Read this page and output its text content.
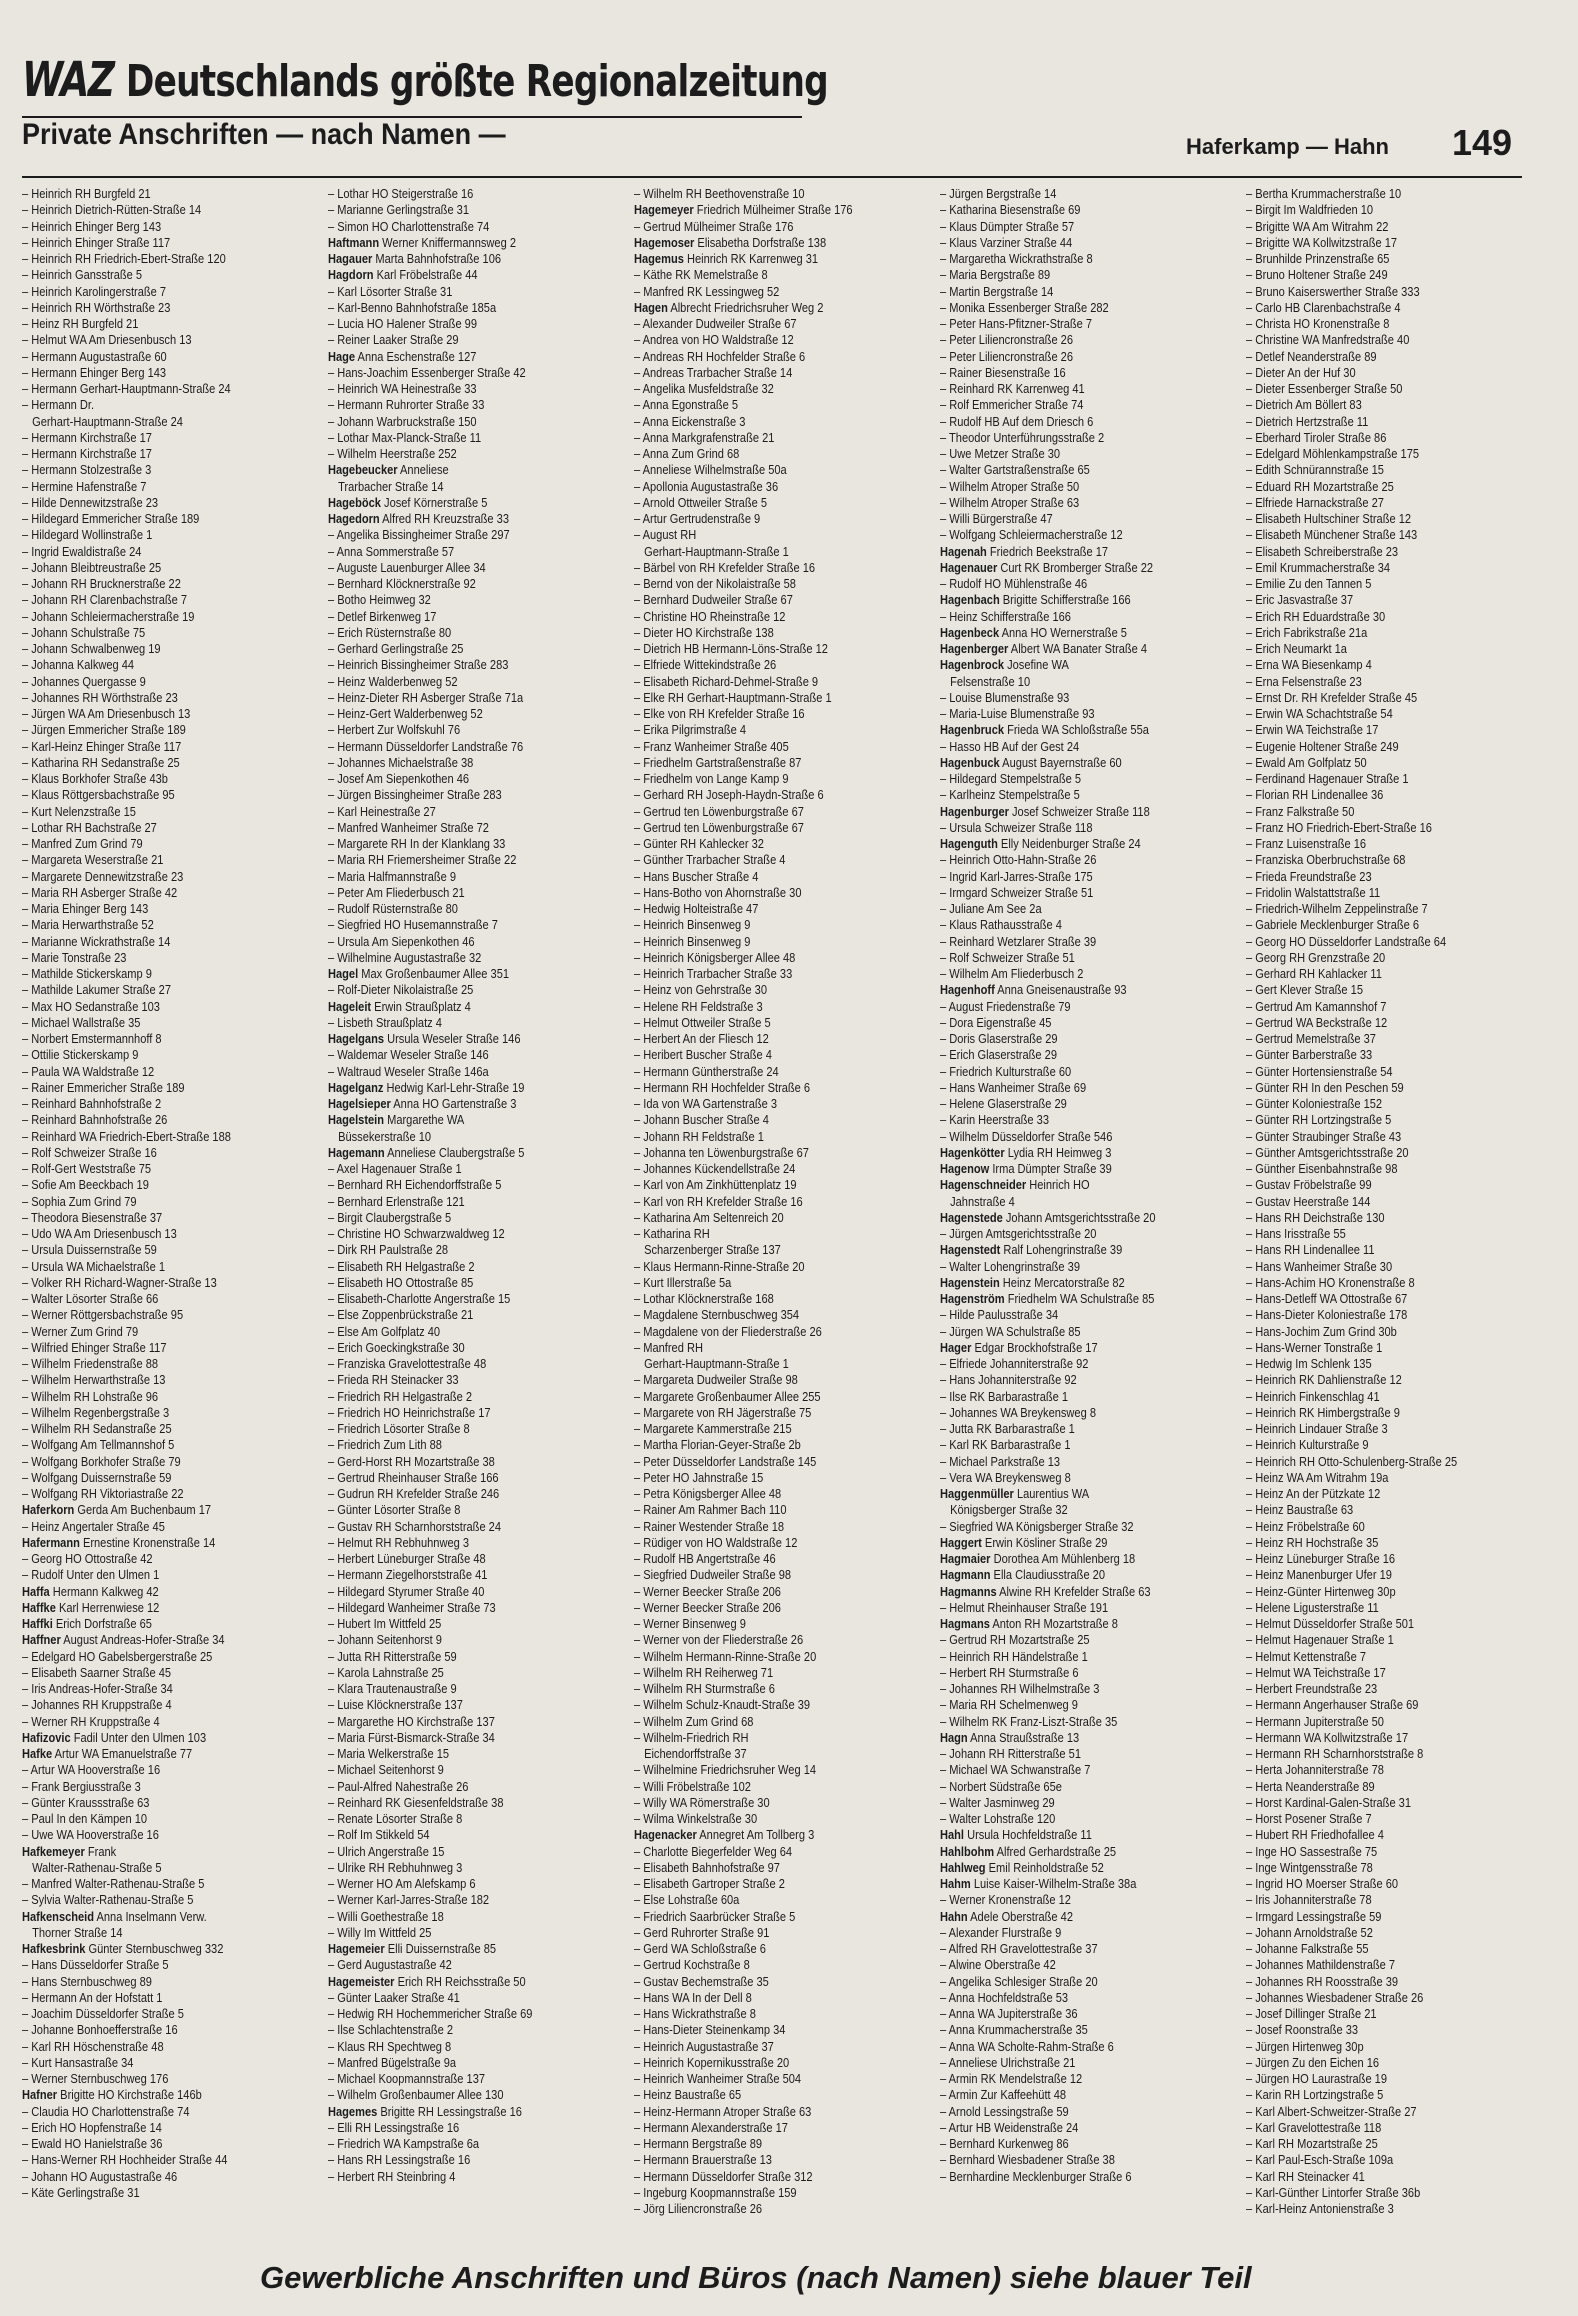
WAZ Deutschlands größte Regionalzeitung
Private Anschriften — nach Namen —	Haferkamp — Hahn 149
– Heinrich RH Burgfeld 21
– Heinrich Dietrich-Rütten-Straße 14
– Heinrich Ehinger Berg 143
– Heinrich Ehinger Straße 117
– Heinrich RH Friedrich-Ebert-Straße 120
– Heinrich Gansstraße 5
– Heinrich Karolingerstraße 7
– Heinrich RH Wörthstraße 23
– Heinz RH Burgfeld 21
– Helmut WA Am Driesenbusch 13
– Hermann Augustastraße 60
– Hermann Ehinger Berg 143
– Hermann Gerhart-Hauptmann-Straße 24
– Hermann Dr.
Gerhart-Hauptmann-Straße 24
– Hermann Kirchstraße 17
– Hermann Kirchstraße 17
– Hermann Stolzestraße 3
– Hermine Hafenstraße 7
– Hilde Dennewitzstraße 23
– Hildegard Emmericher Straße 189
– Hildegard Wollinstraße 1
– Ingrid Ewaldistraße 24
– Johann Bleibtreustraße 25
– Johann RH Brucknerstraße 22
– Johann RH Clarenbachstraße 7
– Johann Schleiermacherstraße 19
– Johann Schulstraße 75
– Johann Schwalbenweg 19
– Johanna Kalkweg 44
– Johannes Quergasse 9
– Johannes RH Wörthstraße 23
– Jürgen WA Am Driesenbusch 13
– Jürgen Emmericher Straße 189
– Karl-Heinz Ehinger Straße 117
– Katharina RH Sedanstraße 25
– Klaus Borkhofer Straße 43b
– Klaus Röttgersbachstraße 95
– Kurt Nelenzstraße 15
– Lothar RH Bachstraße 27
– Manfred Zum Grind 79
– Margareta Weserstraße 21
– Margarete Dennewitzstraße 23
– Maria RH Asberger Straße 42
– Maria Ehinger Berg 143
– Maria Herwarthstraße 52
– Marianne Wickrathstraße 14
– Marie Tonstraße 23
– Mathilde Stickerskamp 9
– Mathilde Lakumer Straße 27
– Max HO Sedanstraße 103
– Michael Wallstraße 35
– Norbert Emstermannhoff 8
– Ottilie Stickerskamp 9
– Paula WA Waldstraße 12
– Rainer Emmericher Straße 189
– Reinhard Bahnhofstraße 2
– Reinhard Bahnhofstraße 26
– Reinhard WA Friedrich-Ebert-Straße 188
– Rolf Schweizer Straße 16
– Rolf-Gert Weststraße 75
– Sofie Am Beeckbach 19
– Sophia Zum Grind 79
– Theodora Biesenstraße 37
– Udo WA Am Driesenbusch 13
– Ursula Duissernstraße 59
– Ursula WA Michaelstraße 1
– Volker RH Richard-Wagner-Straße 13
– Walter Lösorter Straße 66
– Werner Röttgersbachstraße 95
– Werner Zum Grind 79
– Wilfried Ehinger Straße 117
– Wilhelm Friedenstraße 88
– Wilhelm Herwarthstraße 13
– Wilhelm RH Lohstraße 96
– Wilhelm Regenbergstraße 3
– Wilhelm RH Sedanstraße 25
– Wolfgang Am Tellmannshof 5
– Wolfgang Borkhofer Straße 79
– Wolfgang Duissernstraße 59
– Wolfgang RH Viktoriastraße 22
Haferkorn Gerda Am Buchenbaum 17
– Heinz Angertaler Straße 45
Hafermann Ernestine Kronenstraße 14
– Georg HO Ottostraße 42
– Rudolf Unter den Ulmen 1
Haffa Hermann Kalkweg 42
Haffke Karl Herrenwiese 12
Haffki Erich Dorfstraße 65
Haffner August Andreas-Hofer-Straße 34
– Edelgard HO Gabelsbergerstraße 25
– Elisabeth Saarner Straße 45
– Iris Andreas-Hofer-Straße 34
– Johannes RH Kruppstraße 4
– Werner RH Kruppstraße 4
Hafizovic Fadil Unter den Ulmen 103
Hafke Artur WA Emanuelstraße 77
– Artur WA Hooverstraße 16
– Frank Bergiusstraße 3
– Günter Kraussstraße 63
– Paul In den Kämpen 10
– Uwe WA Hooverstraße 16
Hafkemeyer Frank
Walter-Rathenau-Straße 5
– Manfred Walter-Rathenau-Straße 5
– Sylvia Walter-Rathenau-Straße 5
Hafkenscheid Anna Inselmann Verw.
Thorner Straße 14
Hafkesbrink Günter Sternbuschweg 332
– Hans Düsseldorfer Straße 5
– Hans Sternbuschweg 89
– Hermann An der Hofstatt 1
– Joachim Düsseldorfer Straße 5
– Johanne Bonhoefferstraße 16
– Karl RH Höschenstraße 48
– Kurt Hansastraße 34
– Werner Sternbuschweg 176
Hafner Brigitte HO Kirchstraße 146b
– Claudia HO Charlottenstraße 74
– Erich HO Hopfenstraße 14
– Ewald HO Hanielstraße 36
– Hans-Werner RH Hochheider Straße 44
– Johann HO Augustastraße 46
– Käte Gerlingstraße 31
– Lothar HO Steigerstraße 16
– Marianne Gerlingstraße 31
– Simon HO Charlottenstraße 74
Haftmann Werner Kniffermannsweg 2
Hagauer Marta Bahnhofstraße 106
Hagdorn Karl Fröbelstraße 44
– Karl Lösorter Straße 31
– Karl-Benno Bahnhofstraße 185a
– Lucia HO Halener Straße 99
– Reiner Laaker Straße 29
Hage Anna Eschenstraße 127
– Hans-Joachim Essenberger Straße 42
– Heinrich WA Heinestraße 33
– Hermann Ruhrorter Straße 33
– Johann Warbruckstraße 150
– Lothar Max-Planck-Straße 11
– Wilhelm Heerstraße 252
Hagebeucker Anneliese
Trarbacher Straße 14
Hageböck Josef Körnerstraße 5
Hagedorn Alfred RH Kreuzstraße 33
– Angelika Bissingheimer Straße 297
– Anna Sommerstraße 57
– Auguste Lauenburger Allee 34
– Bernhard Klöcknerstraße 92
– Botho Heimweg 32
– Detlef Birkenweg 17
– Erich Rüsternstraße 80
– Gerhard Gerlingstraße 25
– Heinrich Bissingheimer Straße 283
– Heinz Walderbenweg 52
– Heinz-Dieter RH Asberger Straße 71a
– Heinz-Gert Walderbenweg 52
– Herbert Zur Wolfskuhl 76
– Hermann Düsseldorfer Landstraße 76
– Johannes Michaelstraße 38
– Josef Am Siepenkothen 46
– Jürgen Bissingheimer Straße 283
– Karl Heinestraße 27
– Manfred Wanheimer Straße 72
– Margarete RH In der Klanklang 33
– Maria RH Friemersheimer Straße 22
– Maria Halfmannstraße 9
– Peter Am Fliederbusch 21
– Rudolf Rüsternstraße 80
– Siegfried HO Husemannstraße 7
– Ursula Am Siepenkothen 46
– Wilhelmine Augustastraße 32
Hagel Max Großenbaumer Allee 351
– Rolf-Dieter Nikolaistraße 25
Hageleit Erwin Straußplatz 4
– Lisbeth Straußplatz 4
Hagelgans Ursula Weseler Straße 146
– Waldemar Weseler Straße 146
– Waltraud Weseler Straße 146a
Hagelganz Hedwig Karl-Lehr-Straße 19
Hagelsieper Anna HO Gartenstraße 3
Hagelstein Margarethe WA
Büssekerstraße 10
Hagemann Anneliese Claubergstraße 5
– Axel Hagenauer Straße 1
– Bernhard RH Eichendorffstraße 5
– Bernhard Erlenstraße 121
– Birgit Claubergstraße 5
– Christine HO Schwarzwaldweg 12
– Dirk RH Paulstraße 28
– Elisabeth RH Helgastraße 2
– Elisabeth HO Ottostraße 85
– Elisabeth-Charlotte Angerstraße 15
– Else Zoppenbrückstraße 21
– Else Am Golfplatz 40
– Erich Goeckingkstraße 30
– Franziska Gravelottestraße 48
– Frieda RH Steinacker 33
– Friedrich RH Helgastraße 2
– Friedrich HO Heinrichstraße 17
– Friedrich Lösorter Straße 8
– Friedrich Zum Lith 88
– Gerd-Horst RH Mozartstraße 38
– Gertrud Rheinhauser Straße 166
– Gudrun RH Krefelder Straße 246
– Günter Lösorter Straße 8
– Gustav RH Scharnhorststraße 24
– Helmut RH Rebhuhnweg 3
– Herbert Lüneburger Straße 48
– Hermann Ziegelhorststraße 41
– Hildegard Styrumer Straße 40
– Hildegard Wanheimer Straße 73
– Hubert Im Wittfeld 25
– Johann Seitenhorst 9
– Jutta RH Ritterstraße 59
– Karola Lahnstraße 25
– Klara Trautenaustraße 9
– Luise Klöcknerstraße 137
– Margarethe HO Kirchstraße 137
– Maria Fürst-Bismarck-Straße 34
– Maria Welkerstraße 15
– Michael Seitenhorst 9
– Paul-Alfred Nahestraße 26
– Reinhard RK Giesenfeldstraße 38
– Renate Lösorter Straße 8
– Rolf Im Stikkeld 54
– Ulrich Angerstraße 15
– Ulrike RH Rebhuhnweg 3
– Werner HO Am Alefskamp 6
– Werner Karl-Jarres-Straße 182
– Willi Goethestraße 18
– Willy Im Wittfeld 25
Hagemeier Elli Duissernstraße 85
– Gerd Augustastraße 42
Hagemeister Erich RH Reichsstraße 50
– Günter Laaker Straße 41
– Hedwig RH Hochemmericher Straße 69
– Ilse Schlachtenstraße 2
– Klaus RH Spechtweg 8
– Manfred Bügelstraße 9a
– Michael Koopmannstraße 137
– Wilhelm Großenbaumer Allee 130
Hagemes Brigitte RH Lessingstraße 16
– Elli RH Lessingstraße 16
– Friedrich WA Kampstraße 6a
– Hans RH Lessingstraße 16
– Herbert RH Steinbring 4
– Wilhelm RH Beethovenstraße 10
Hagemeyer Friedrich Mülheimer Straße 176
– Gertrud Mülheimer Straße 176
Hagemoser Elisabetha Dorfstraße 138
Hagemus Heinrich RK Karrenweg 31
– Käthe RK Memelstraße 8
– Manfred RK Lessingweg 52
Hagen Albrecht Friedrichsruher Weg 2
– Alexander Dudweiler Straße 67
– Andrea von HO Waldstraße 12
– Andreas RH Hochfelder Straße 6
– Andreas Trarbacher Straße 14
– Angelika Musfeldstraße 32
– Anna Egonstraße 5
– Anna Eickenstraße 3
– Anna Markgrafenstraße 21
– Anna Zum Grind 68
– Anneliese Wilhelmstraße 50a
– Apollonia Augustastraße 36
– Arnold Ottweiler Straße 5
– Artur Gertrudenstraße 9
– August RH
Gerhart-Hauptmann-Straße 1
– Bärbel von RH Krefelder Straße 16
– Bernd von der Nikolaistraße 58
– Bernhard Dudweiler Straße 67
– Christine HO Rheinstraße 12
– Dieter HO Kirchstraße 138
– Dietrich HB Hermann-Löns-Straße 12
– Elfriede Wittekindstraße 26
– Elisabeth Richard-Dehmel-Straße 9
– Elke RH Gerhart-Hauptmann-Straße 1
– Elke von RH Krefelder Straße 16
– Erika Pilgrimstraße 4
– Franz Wanheimer Straße 405
– Friedhelm Gartstraßenstraße 87
– Friedhelm von Lange Kamp 9
– Gerhard RH Joseph-Haydn-Straße 6
– Gertrud ten Löwenburgstraße 67
– Gertrud ten Löwenburgstraße 67
– Günter RH Kahlecker 32
– Günther Trarbacher Straße 4
– Hans Buscher Straße 4
– Hans-Botho von Ahornstraße 30
– Hedwig Holteistraße 47
– Heinrich Binsenweg 9
– Heinrich Binsenweg 9
– Heinrich Königsberger Allee 48
– Heinrich Trarbacher Straße 33
– Heinz von Gehrstraße 30
– Helene RH Feldstraße 3
– Helmut Ottweiler Straße 5
– Herbert An der Fliesch 12
– Heribert Buscher Straße 4
– Hermann Güntherstraße 24
– Hermann RH Hochfelder Straße 6
– Ida von WA Gartenstraße 3
– Johann Buscher Straße 4
– Johann RH Feldstraße 1
– Johanna ten Löwenburgstraße 67
– Johannes Kückendellstraße 24
– Karl von Am Zinkhüttenplatz 19
– Karl von RH Krefelder Straße 16
– Katharina Am Seltenreich 20
– Katharina RH
Scharzenberger Straße 137
– Klaus Hermann-Rinne-Straße 20
– Kurt Illerstraße 5a
– Lothar Klöcknerstraße 168
– Magdalene Sternbuschweg 354
– Magdalene von der Fliederstraße 26
– Manfred RH
Gerhart-Hauptmann-Straße 1
– Margareta Dudweiler Straße 98
– Margarete Großenbaumer Allee 255
– Margarete von RH Jägerstraße 75
– Margarete Kammerstraße 215
– Martha Florian-Geyer-Straße 2b
– Peter Düsseldorfer Landstraße 145
– Peter HO Jahnstraße 15
– Petra Königsberger Allee 48
– Rainer Am Rahmer Bach 110
– Rainer Westender Straße 18
– Rüdiger von HO Waldstraße 12
– Rudolf HB Angertstraße 46
– Siegfried Dudweiler Straße 98
– Werner Beecker Straße 206
– Werner Beecker Straße 206
– Werner Binsenweg 9
– Werner von der Fliederstraße 26
– Wilhelm Hermann-Rinne-Straße 20
– Wilhelm RH Reiherweg 71
– Wilhelm RH Sturmstraße 6
– Wilhelm Schulz-Knaudt-Straße 39
– Wilhelm Zum Grind 68
– Wilhelm-Friedrich RH
Eichendorffstraße 37
– Wilhelmine Friedrichsruher Weg 14
– Willi Fröbelstraße 102
– Willy WA Römerstraße 30
– Wilma Winkelstraße 30
Hagenacker Annegret Am Tollberg 3
– Charlotte Biegerfelder Weg 64
– Elisabeth Bahnhofstraße 97
– Elisabeth Gartroper Straße 2
– Else Lohstraße 60a
– Friedrich Saarbrücker Straße 5
– Gerd Ruhrorter Straße 91
– Gerd WA Schloßstraße 6
– Gertrud Kochstraße 8
– Gustav Bechemstraße 35
– Hans WA In der Dell 8
– Hans Wickrathstraße 8
– Hans-Dieter Steinenkamp 34
– Heinrich Augustastraße 37
– Heinrich Kopernikusstraße 20
– Heinrich Wanheimer Straße 504
– Heinz Baustraße 65
– Heinz-Hermann Atroper Straße 63
– Hermann Alexanderstraße 17
– Hermann Bergstraße 89
– Hermann Brauerstraße 13
– Hermann Düsseldorfer Straße 312
– Ingeburg Koopmannstraße 159
– Jörg Liliencronstraße 26
– Jürgen Bergstraße 14
– Katharina Biesenstraße 69
– Klaus Dümpter Straße 57
– Klaus Varziner Straße 44
– Margaretha Wickrathstraße 8
– Maria Bergstraße 89
– Martin Bergstraße 14
– Monika Essenberger Straße 282
– Peter Hans-Pfitzner-Straße 7
– Peter Liliencronstraße 26
– Peter Liliencronstraße 26
– Rainer Biesenstraße 16
– Reinhard RK Karrenweg 41
– Rolf Emmericher Straße 74
– Rudolf HB Auf dem Driesch 6
– Theodor Unterführungsstraße 2
– Uwe Metzer Straße 30
– Walter Gartstraßenstraße 65
– Wilhelm Atroper Straße 50
– Wilhelm Atroper Straße 63
– Willi Bürgerstraße 47
– Wolfgang Schleiermacherstraße 12
Hagenah Friedrich Beekstraße 17
Hagenauer Curt RK Bromberger Straße 22
– Rudolf HO Mühlenstraße 46
Hagenbach Brigitte Schifferstraße 166
– Heinz Schifferstraße 166
Hagenbeck Anna HO Wernerstraße 5
Hagenberger Albert WA Banater Straße 4
Hagenbrock Josefine WA
Felsenstraße 10
– Louise Blumenstraße 93
– Maria-Luise Blumenstraße 93
Hagenbruck Frieda WA Schloßstraße 55a
– Hasso HB Auf der Gest 24
Hagenbuck August Bayernstraße 60
– Hildegard Stempelstraße 5
– Karlheinz Stempelstraße 5
Hagenburger Josef Schweizer Straße 118
– Ursula Schweizer Straße 118
Hagenguth Elly Neidenburger Straße 24
– Heinrich Otto-Hahn-Straße 26
– Ingrid Karl-Jarres-Straße 175
– Irmgard Schweizer Straße 51
– Juliane Am See 2a
– Klaus Rathausstraße 4
– Reinhard Wetzlarer Straße 39
– Rolf Schweizer Straße 51
– Wilhelm Am Fliederbusch 2
Hagenhoff Anna Gneisenaustraße 93
– August Friedenstraße 79
– Dora Eigenstraße 45
– Doris Glaserstraße 29
– Erich Glaserstraße 29
– Friedrich Kulturstraße 60
– Hans Wanheimer Straße 69
– Helene Glaserstraße 29
– Karin Heerstraße 33
– Wilhelm Düsseldorfer Straße 546
Hagenkötter Lydia RH Heimweg 3
Hagenow Irma Dümpter Straße 39
Hagenschneider Heinrich HO
Jahnstraße 4
Hagenstede Johann Amtsgerichtsstraße 20
– Jürgen Amtsgerichtsstraße 20
Hagenstedt Ralf Lohengrinstraße 39
– Walter Lohengrinstraße 39
Hagenstein Heinz Mercatorstraße 82
Hagenström Friedhelm WA Schulstraße 85
– Hilde Paulusstraße 34
– Jürgen WA Schulstraße 85
Hager Edgar Brockhofstraße 17
– Elfriede Johanniterstraße 92
– Hans Johanniterstraße 92
– Ilse RK Barbarastraße 1
– Johannes WA Breykensweg 8
– Jutta RK Barbarastraße 1
– Karl RK Barbarastraße 1
– Michael Parkstraße 13
– Vera WA Breykensweg 8
Haggenmüller Laurentius WA
Königsberger Straße 32
– Siegfried WA Königsberger Straße 32
Haggert Erwin Kösliner Straße 29
Hagmaier Dorothea Am Mühlenberg 18
Hagmann Ella Claudiusstraße 20
Hagmanns Alwine RH Krefelder Straße 63
– Helmut Rheinhauser Straße 191
Hagmans Anton RH Mozartstraße 8
– Gertrud RH Mozartstraße 25
– Heinrich RH Händelstraße 1
– Herbert RH Sturmstraße 6
– Johannes RH Wilhelmstraße 3
– Maria RH Schelmenweg 9
– Wilhelm RK Franz-Liszt-Straße 35
Hagn Anna Straußstraße 13
– Johann RH Ritterstraße 51
– Michael WA Schwanstraße 7
– Norbert Südstraße 65e
– Walter Jasminweg 29
– Walter Lohstraße 120
Hahl Ursula Hochfeldstraße 11
Hahlbohm Alfred Gerhardstraße 25
Hahlweg Emil Reinholdstraße 52
Hahm Luise Kaiser-Wilhelm-Straße 38a
– Werner Kronenstraße 12
Hahn Adele Oberstraße 42
– Alexander Flurstraße 9
– Alfred RH Gravelottestraße 37
– Alwine Oberstraße 42
– Angelika Schlesiger Straße 20
– Anna Hochfeldstraße 53
– Anna WA Jupiterstraße 36
– Anna Krummacherstraße 35
– Anna WA Scholte-Rahm-Straße 6
– Anneliese Ulrichstraße 21
– Armin RK Mendelstraße 12
– Armin Zur Kaffeehütt 48
– Arnold Lessingstraße 59
– Artur HB Weidenstraße 24
– Bernhard Kurkenweg 86
– Bernhard Wiesbadener Straße 38
– Bernhardine Mecklenburger Straße 6
– Bertha Krummacherstraße 10
– Birgit Im Waldfrieden 10
– Brigitte WA Am Witrahm 22
– Brigitte WA Kollwitzstraße 17
– Brunhilde Prinzenstraße 65
– Bruno Holtener Straße 249
– Bruno Kaiserswerther Straße 333
– Carlo HB Clarenbachstraße 4
– Christa HO Kronenstraße 8
– Christine WA Manfredstraße 40
– Detlef Neanderstraße 89
– Dieter An der Huf 30
– Dieter Essenberger Straße 50
– Dietrich Am Böllert 83
– Dietrich Hertzstraße 11
– Eberhard Tiroler Straße 86
– Edelgard Möhlenkampstraße 175
– Edith Schnürannstraße 15
– Eduard RH Mozartstraße 25
– Elfriede Harnackstraße 27
– Elisabeth Hultschiner Straße 12
– Elisabeth Münchener Straße 143
– Elisabeth Schreiberstraße 23
– Emil Krummacherstraße 34
– Emilie Zu den Tannen 5
– Eric Jasvastraße 37
– Erich RH Eduardstraße 30
– Erich Fabrikstraße 21a
– Erich Neumarkt 1a
– Erna WA Biesenkamp 4
– Erna Felsenstraße 23
– Ernst Dr. RH Krefelder Straße 45
– Erwin WA Schachtstraße 54
– Erwin WA Teichstraße 17
– Eugenie Holtener Straße 249
– Ewald Am Golfplatz 50
– Ferdinand Hagenauer Straße 1
– Florian RH Lindenallee 36
– Franz Falkstraße 50
– Franz HO Friedrich-Ebert-Straße 16
– Franz Luisenstraße 16
– Franziska Oberbruchstraße 68
– Frieda Freundstraße 23
– Fridolin Walstattstraße 11
– Friedrich-Wilhelm Zeppelinstraße 7
– Gabriele Mecklenburger Straße 6
– Georg HO Düsseldorfer Landstraße 64
– Georg RH Grenzstraße 20
– Gerhard RH Kahlacker 11
– Gert Klever Straße 15
– Gertrud Am Kamannshof 7
– Gertrud WA Beckstraße 12
– Gertrud Memelstraße 37
– Günter Barberstraße 33
– Günter Hortensienstraße 54
– Günter RH In den Peschen 59
– Günter Koloniestraße 152
– Günter RH Lortzingstraße 5
– Günter Straubinger Straße 43
– Günther Amtsgerichtsstraße 20
– Günther Eisenbahnstraße 98
– Gustav Fröbelstraße 99
– Gustav Heerstraße 144
– Hans RH Deichstraße 130
– Hans Irisstraße 55
– Hans RH Lindenallee 11
– Hans Wanheimer Straße 30
– Hans-Achim HO Kronenstraße 8
– Hans-Detleff WA Ottostraße 67
– Hans-Dieter Koloniestraße 178
– Hans-Jochim Zum Grind 30b
– Hans-Werner Tonstraße 1
– Hedwig Im Schlenk 135
– Heinrich RK Dahlienstraße 12
– Heinrich Finkenschlag 41
– Heinrich RK Himbergstraße 9
– Heinrich Lindauer Straße 3
– Heinrich Kulturstraße 9
– Heinrich RH Otto-Schulenberg-Straße 25
– Heinz WA Am Witrahm 19a
– Heinz An der Pützkate 12
– Heinz Baustraße 63
– Heinz Fröbelstraße 60
– Heinz RH Hochstraße 35
– Heinz Lüneburger Straße 16
– Heinz Manenburger Ufer 19
– Heinz-Günter Hirtenweg 30p
– Helene Ligusterstraße 11
– Helmut Düsseldorfer Straße 501
– Helmut Hagenauer Straße 1
– Helmut Kettenstraße 7
– Helmut WA Teichstraße 17
– Herbert Freundstraße 23
– Hermann Angerhauser Straße 69
– Hermann Jupiterstraße 50
– Hermann WA Kollwitzstraße 17
– Hermann RH Scharnhorststraße 8
– Herta Johanniterstraße 78
– Herta Neanderstraße 89
– Horst Kardinal-Galen-Straße 31
– Horst Posener Straße 7
– Hubert RH Friedhofallee 4
– Inge HO Sassestraße 75
– Inge Wintgensstraße 78
– Ingrid HO Moerser Straße 60
– Iris Johanniterstraße 78
– Irmgard Lessingstraße 59
– Johann Arnoldstraße 52
– Johanne Falkstraße 55
– Johannes Mathildenstraße 7
– Johannes RH Roosstraße 39
– Johannes Wiesbadener Straße 26
– Josef Dillinger Straße 21
– Josef Roonstraße 33
– Jürgen Hirtenweg 30p
– Jürgen Zu den Eichen 16
– Jürgen HO Laurastraße 19
– Karin RH Lortzingstraße 5
– Karl Albert-Schweitzer-Straße 27
– Karl Gravelottestraße 118
– Karl RH Mozartstraße 25
– Karl Paul-Esch-Straße 109a
– Karl RH Steinacker 41
– Karl-Günther Lintorfer Straße 36b
– Karl-Heinz Antonienstraße 3
Gewerbliche Anschriften und Büros (nach Namen) siehe blauer Teil
